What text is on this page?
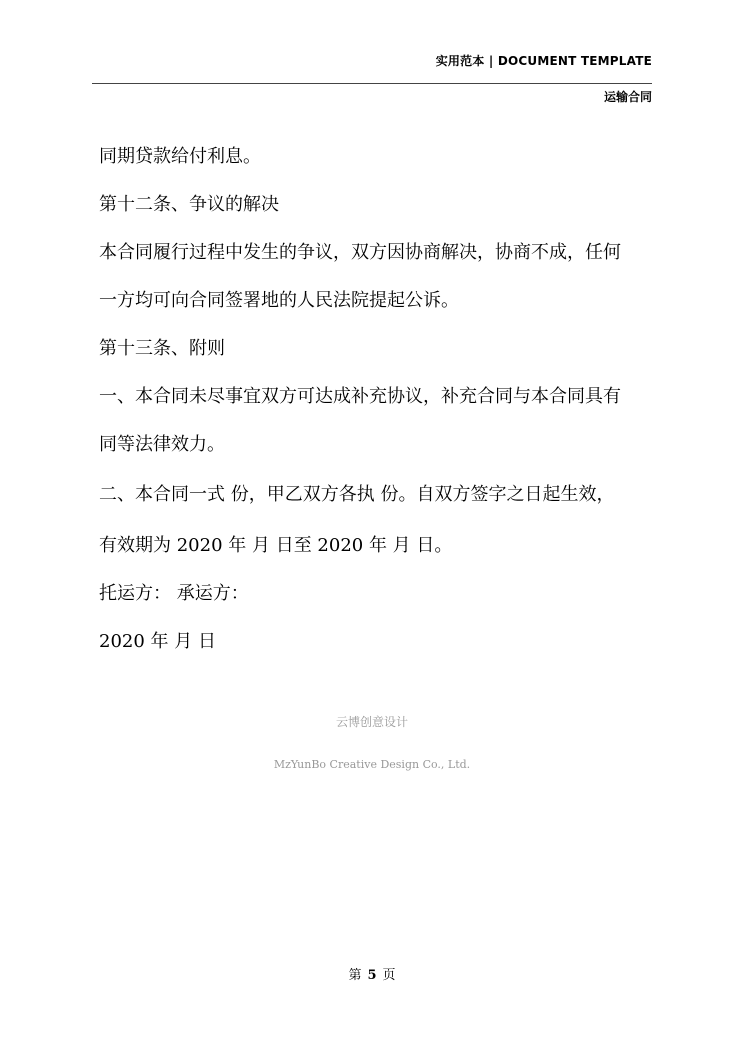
实用范本 | DOCUMENT TEMPLATE
运输合同
同期贷款给付利息。
第十二条、争议的解决
本合同履行过程中发生的争议，双方因协商解决，协商不成，任何
一方均可向合同签署地的人民法院提起公诉。
第十三条、附则
一、本合同未尽事宜双方可达成补充协议，补充合同与本合同具有
同等法律效力。
二、本合同一式 份，甲乙双方各执 份。自双方签字之日起生效，
有效期为 2020 年 月 日至 2020 年 月 日。
托运方： 承运方：
2020 年 月 日
云博创意设计
MzYunBo Creative Design Co., Ltd.
第 5 页
